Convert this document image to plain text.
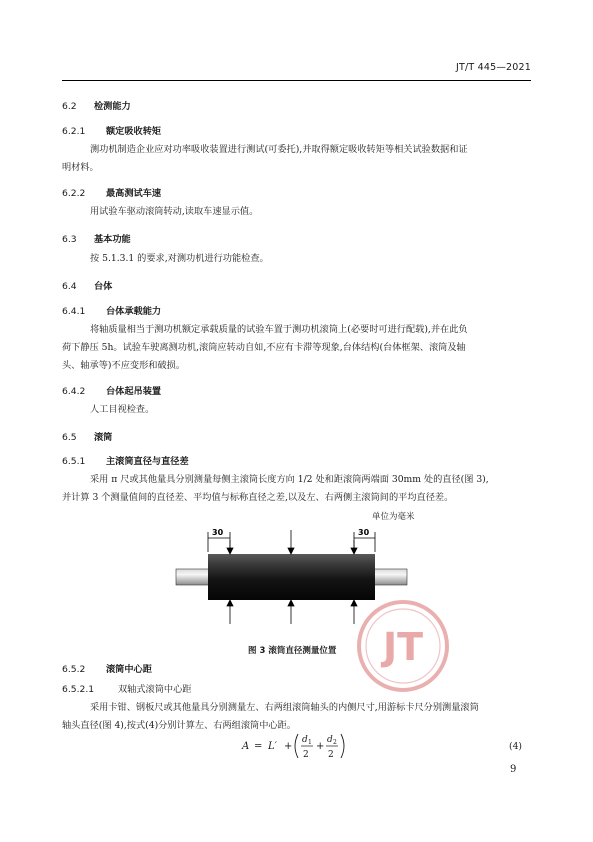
JT/T 445—2021
6.2 检测能力
6.2.1 额定吸收转矩
测功机制造企业应对功率吸收装置进行测试(可委托),并取得额定吸收转矩等相关试验数据和证
明材料。
6.2.2 最高测试车速
用试验车驱动滚筒转动,读取车速显示值。
6.3 基本功能
按 5.1.3.1 的要求,对测功机进行功能检查。
6.4 台体
6.4.1 台体承载能力
将轴质量相当于测功机额定承载质量的试验车置于测功机滚筒上(必要时可进行配载),并在此负
荷下静压 5h。试验车驶离测功机,滚筒应转动自如,不应有卡滞等现象,台体结构(台体框架、滚筒及轴
头、轴承等)不应变形和破损。
6.4.2 台体起吊装置
人工目视检查。
6.5 滚筒
6.5.1 主滚筒直径与直径差
采用 π 尺或其他量具分别测量每侧主滚筒长度方向 1/2 处和距滚筒两端面 30mm 处的直径(图 3),
并计算 3 个测量值间的直径差、平均值与标称直径之差,以及左、右两侧主滚筒间的平均直径差。
单位为毫米
30	30
图 3 滚筒直径测量位置 JT
6.5.2 滚筒中心距
6.5.2.1	双轴式滚筒中心距
采用卡钳、钢板尺或其他量具分别测量左、右两组滚筒轴头的内侧尺寸,用游标卡尺分别测量滚筒
轴头直径(图 4),按式(4)分别计算左、右两组滚筒中心距。
A = L′ +
d 1
2
+
d 2
2
(4)
9
